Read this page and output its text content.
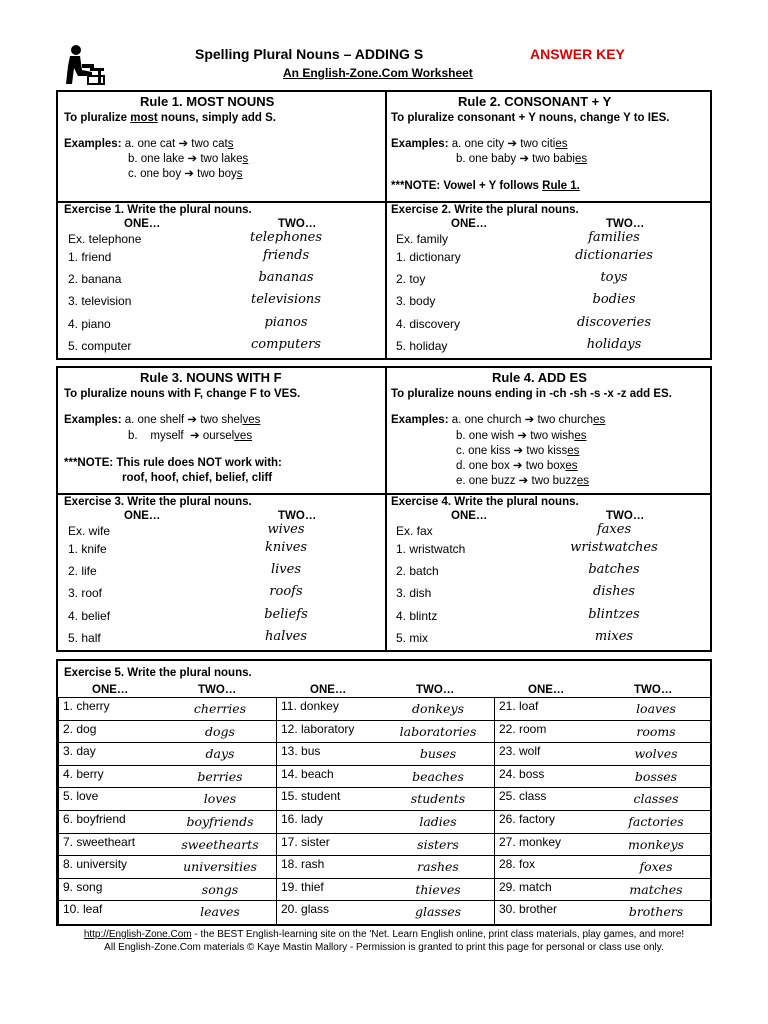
Spelling Plural Nouns – ADDING S	ANSWER KEY
An English-Zone.Com Worksheet
Rule 1. MOST NOUNS
To pluralize most nouns, simply add S.
Examples: a. one cat ➔ two cats
b. one lake ➔ two lakes
c. one boy ➔ two boys
Rule 2. CONSONANT + Y
To pluralize consonant + Y nouns, change Y to IES.
Examples: a. one city ➔ two cities
b. one baby ➔ two babies
***NOTE: Vowel + Y follows Rule 1.
Exercise 1. Write the plural nouns.
ONE…	TWO…
Ex. telephone	telephones
1. friend	friends
2. banana	bananas
3. television	televisions
4. piano	pianos
5. computer	computers
Exercise 2. Write the plural nouns.
ONE…	TWO…
Ex. family	families
1. dictionary	dictionaries
2. toy	toys
3. body	bodies
4. discovery	discoveries
5. holiday	holidays
Rule 3. NOUNS WITH F
To pluralize nouns with F, change F to VES.
Examples: a. one shelf ➔ two shelves
b.    myself ➔ ourselves
***NOTE: This rule does NOT work with:
roof, hoof, chief, belief, cliff
Rule 4. ADD ES
To pluralize nouns ending in -ch -sh -s -x -z add ES.
Examples: a. one church ➔ two churches
b. one wish ➔ two wishes
c. one kiss ➔ two kisses
d. one box ➔ two boxes
e. one buzz ➔ two buzzes
Exercise 3. Write the plural nouns.
ONE…	TWO…
Ex. wife	wives
1. knife	knives
2. life	lives
3. roof	roofs
4. belief	beliefs
5. half	halves
Exercise 4. Write the plural nouns.
ONE…	TWO…
Ex. fax	faxes
1. wristwatch	wristwatches
2. batch	batches
3. dish	dishes
4. blintz	blintzes
5. mix	mixes
Exercise 5. Write the plural nouns.
ONE…	TWO…	ONE…	TWO…	ONE…	TWO…
1. cherry	cherries
2. dog	dogs
3. day	days
4. berry	berries
5. love	loves
6. boyfriend	boyfriends
7. sweetheart	sweethearts
8. university	universities
9. song	songs
10. leaf	leaves
11. donkey	donkeys
12. laboratory	laboratories
13. bus	buses
14. beach	beaches
15. student	students
16. lady	ladies
17. sister	sisters
18. rash	rashes
19. thief	thieves
20. glass	glasses
21. loaf	loaves
22. room	rooms
23. wolf	wolves
24. boss	bosses
25. class	classes
26. factory	factories
27. monkey	monkeys
28. fox	foxes
29. match	matches
30. brother	brothers
http://English-Zone.Com - the BEST English-learning site on the 'Net. Learn English online, print class materials, play games, and more!
All English-Zone.Com materials © Kaye Mastin Mallory - Permission is granted to print this page for personal or class use only.
